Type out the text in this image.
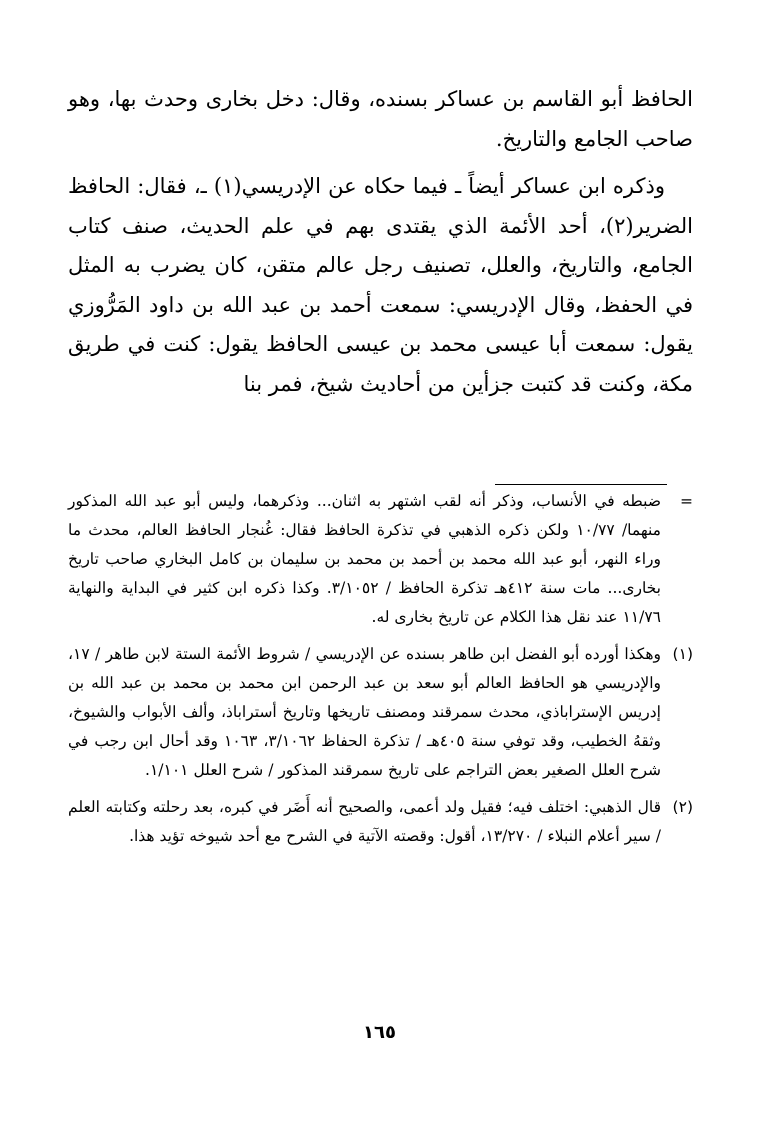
الحافظ أبو القاسم بن عساكر بسنده، وقال: دخل بخارى وحدث بها، وهو صاحب الجامع والتاريخ.

وذكره ابن عساكر أيضاً ـ فيما حكاه عن الإدريسي(١) ـ، فقال: الحافظ الضرير(٢)، أحد الأئمة الذي يقتدى بهم في علم الحديث، صنف كتاب الجامع، والتاريخ، والعلل، تصنيف رجل عالم متقن، كان يضرب به المثل في الحفظ، وقال الإدريسي: سمعت أحمد بن عبد الله بن داود المَرُّوزي يقول: سمعت أبا عيسى محمد بن عيسى الحافظ يقول: كنت في طريق مكة، وكنت قد كتبت جزأين من أحاديث شيخ، فمر بنا

=
ضبطه في الأنساب، وذكر أنه لقب اشتهر به اثنان... وذكرهما، وليس أبو عبد الله المذكور منهما/ ١٠/٧٧ ولكن ذكره الذهبي في تذكرة الحافظ فقال: غُنجار الحافظ العالم، محدث ما وراء النهر، أبو عبد الله محمد بن أحمد بن محمد بن سليمان بن كامل البخاري صاحب تاريخ بخارى... مات سنة ٤١٢هـ تذكرة الحافظ / ٣/١٠٥٢. وكذا ذكره ابن كثير في البداية والنهاية ١١/٧٦ عند نقل هذا الكلام عن تاريخ بخارى له.
(١)
وهكذا أورده أبو الفضل ابن طاهر بسنده عن الإدريسي / شروط الأئمة الستة لابن طاهر / ١٧، والإدريسي هو الحافظ العالم أبو سعد بن عبد الرحمن ابن محمد بن محمد بن عبد الله بن إدريس الإستراباذي، محدث سمرقند ومصنف تاريخها وتاريخ أستراباذ، وألف الأبواب والشيوخ، وثقهُ الخطيب، وقد توفي سنة ٤٠٥هـ / تذكرة الحفاظ ٣/١٠٦٢، ١٠٦٣ وقد أحال ابن رجب في شرح العلل الصغير بعض التراجم على تاريخ سمرقند المذكور / شرح العلل ١/١٠١.
(٢)
قال الذهبي: اختلف فيه؛ فقيل ولد أعمى، والصحيح أنه أَضَر في كبره، بعد رحلته وكتابته العلم / سير أعلام النبلاء / ١٣/٢٧٠، أقول: وقصته الآتية في الشرح مع أحد شيوخه تؤيد هذا.
١٦٥
